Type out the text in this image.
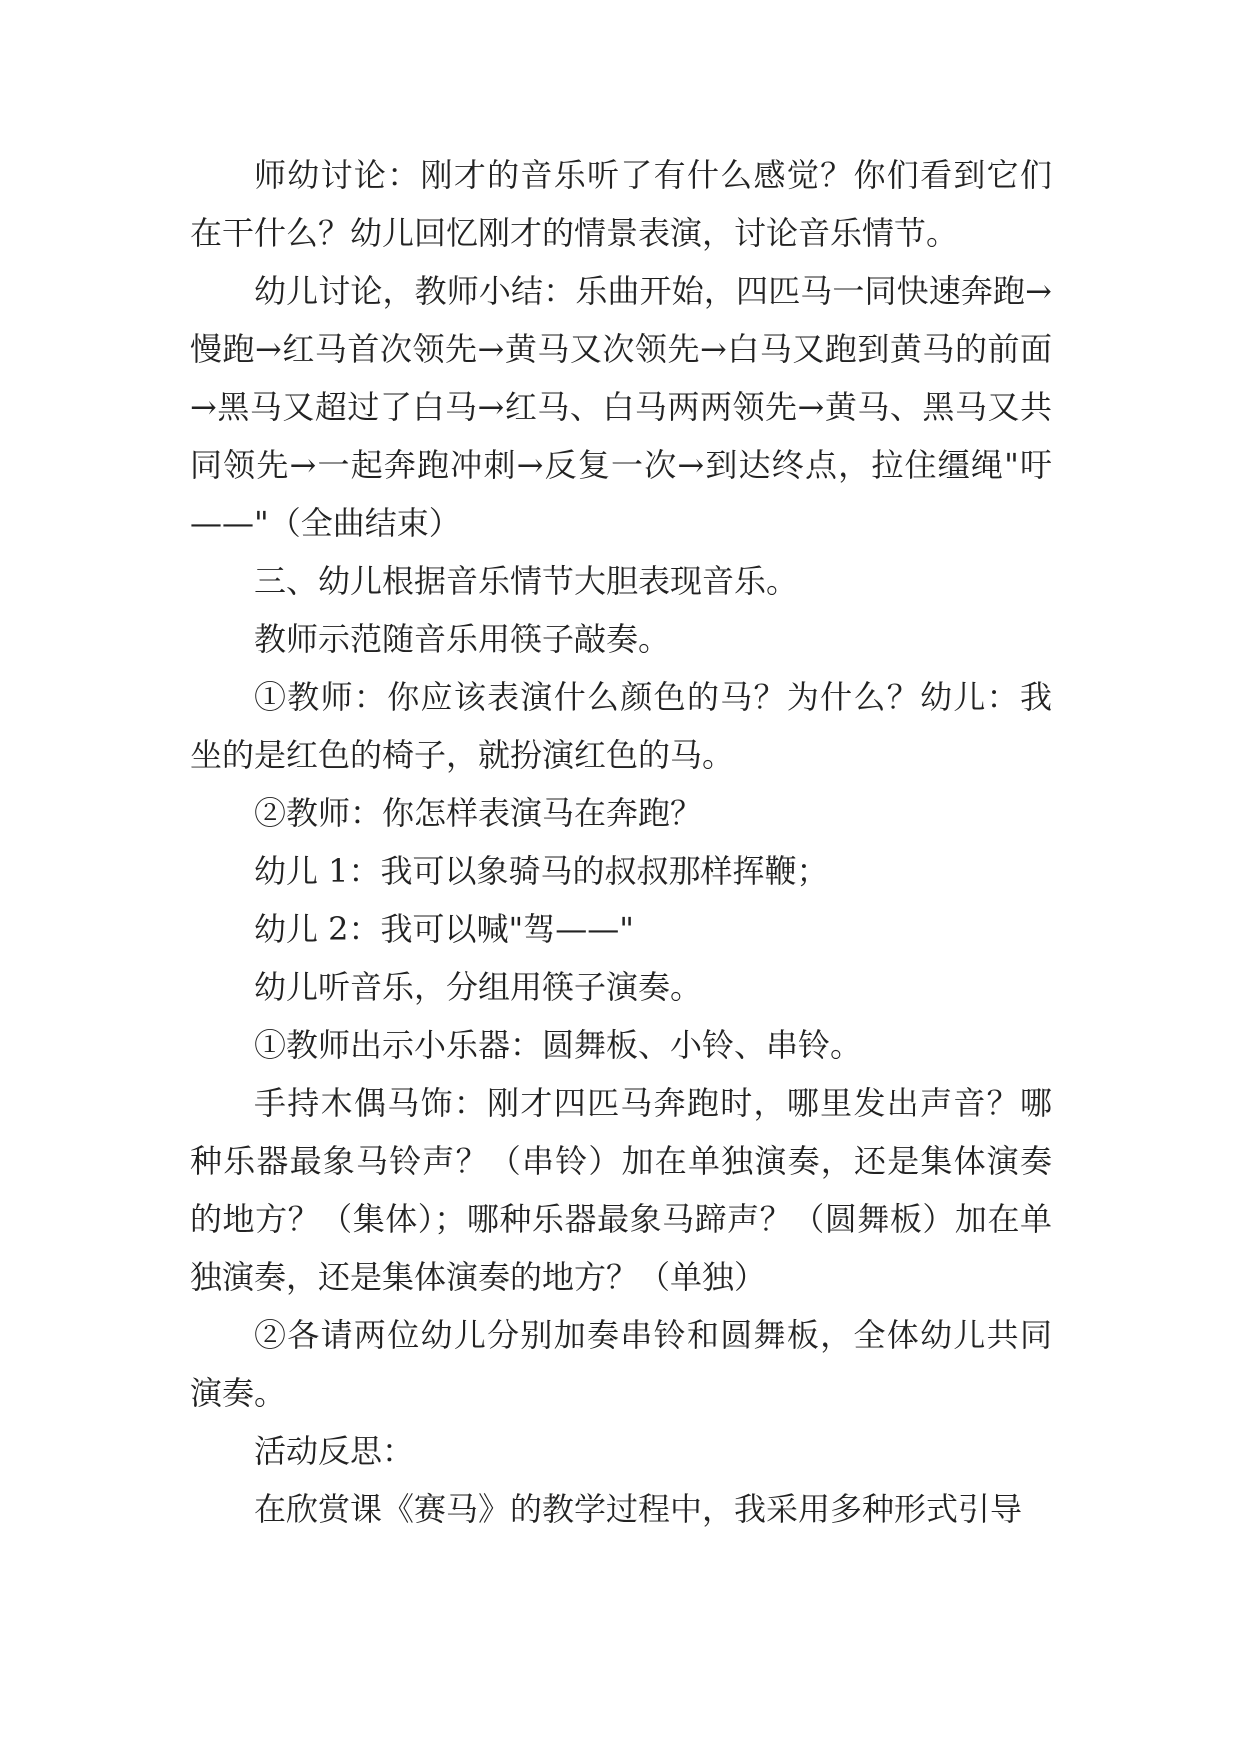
师幼讨论：刚才的音乐听了有什么感觉？你们看到它们在干什么？幼儿回忆刚才的情景表演，讨论音乐情节。

幼儿讨论，教师小结：乐曲开始，四匹马一同快速奔跑→慢跑→红马首次领先→黄马又次领先→白马又跑到黄马的前面→黑马又超过了白马→红马、白马两两领先→黄马、黑马又共同领先→一起奔跑冲刺→反复一次→到达终点，拉住缰绳"吁——"（全曲结束）

三、幼儿根据音乐情节大胆表现音乐。

教师示范随音乐用筷子敲奏。

①教师：你应该表演什么颜色的马？为什么？幼儿：我坐的是红色的椅子，就扮演红色的马。

②教师：你怎样表演马在奔跑？

幼儿 1：我可以象骑马的叔叔那样挥鞭；

幼儿 2：我可以喊"驾——"

幼儿听音乐，分组用筷子演奏。

①教师出示小乐器：圆舞板、小铃、串铃。

手持木偶马饰：刚才四匹马奔跑时，哪里发出声音？哪种乐器最象马铃声？（串铃）加在单独演奏，还是集体演奏的地方？（集体）；哪种乐器最象马蹄声？（圆舞板）加在单独演奏，还是集体演奏的地方？（单独）

②各请两位幼儿分别加奏串铃和圆舞板，全体幼儿共同演奏。

活动反思：

在欣赏课《赛马》的教学过程中，我采用多种形式引导
